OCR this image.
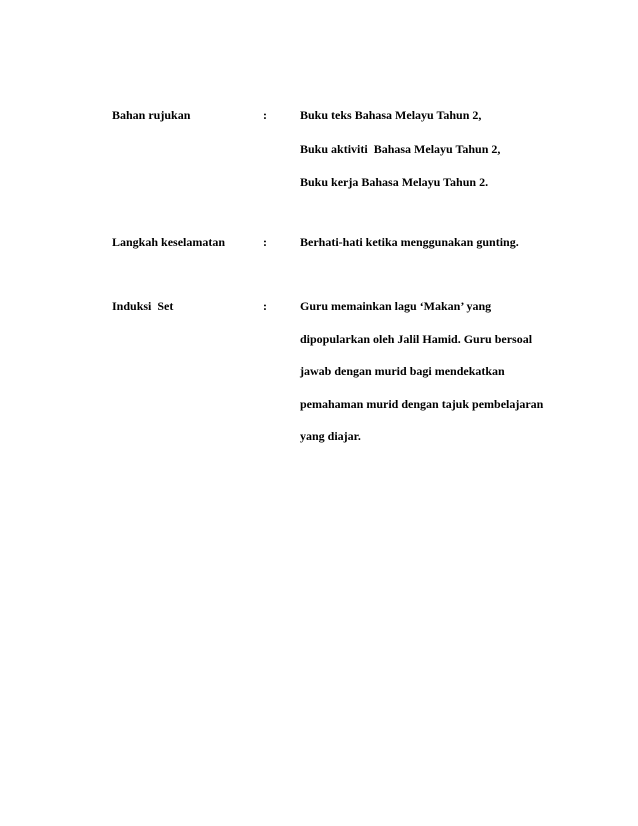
Bahan rujukan	:	Buku teks Bahasa Melayu Tahun 2,
Buku aktiviti  Bahasa Melayu Tahun 2,
Buku kerja Bahasa Melayu Tahun 2.
Langkah keselamatan	:	Berhati-hati ketika menggunakan gunting.
Induksi  Set	:	Guru memainkan lagu ‘Makan’ yang
dipopularkan oleh Jalil Hamid. Guru bersoal
jawab dengan murid bagi mendekatkan
pemahaman murid dengan tajuk pembelajaran
yang diajar.
